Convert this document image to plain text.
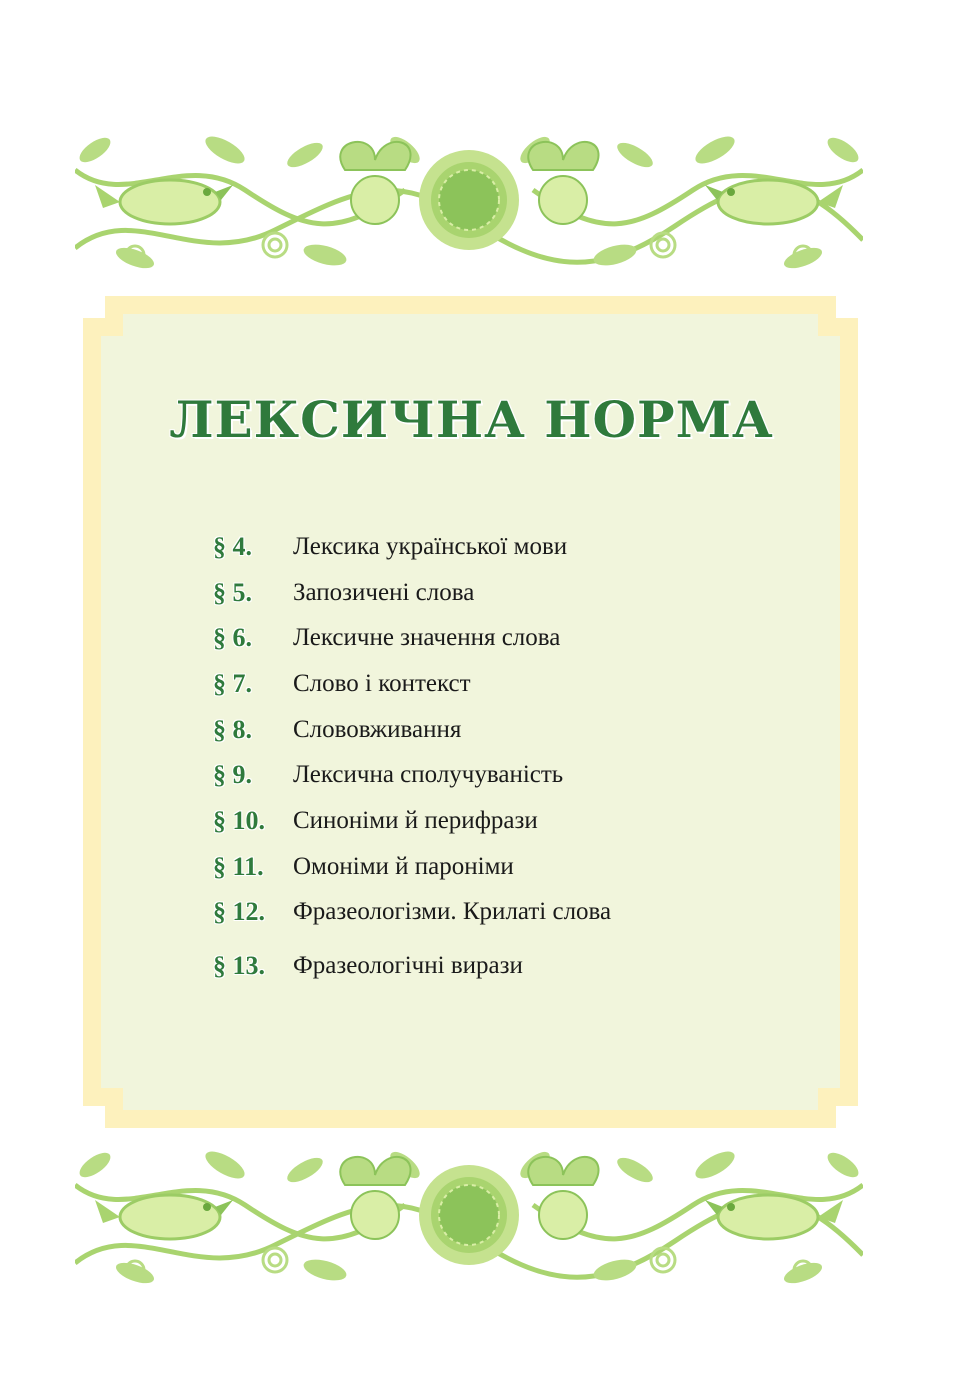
ЛЕКСИЧНА НОРМА
§ 4. Лексика української мови
§ 5. Запозичені слова
§ 6. Лексичне значення слова
§ 7. Слово і контекст
§ 8. Слововживання
§ 9. Лексична сполучуваність
§ 10. Синоніми й перифрази
§ 11. Омоніми й пароніми
§ 12. Фразеологізми. Крилаті слова
§ 13. Фразеологічні вирази
